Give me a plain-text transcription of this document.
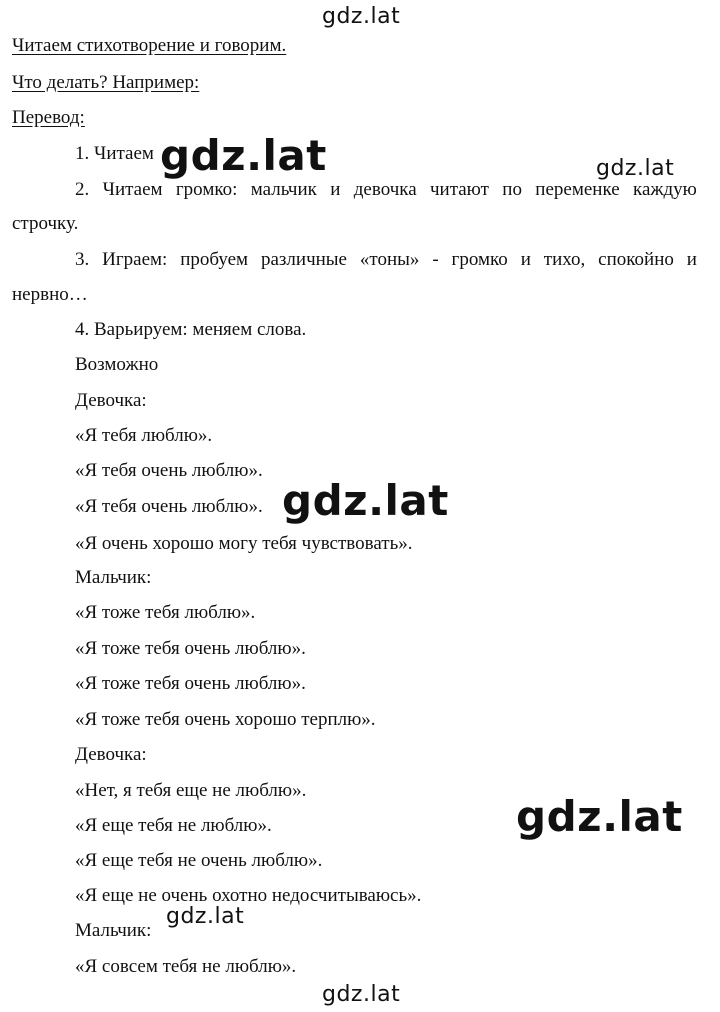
Читаем стихотворение и говорим.
Что делать? Например:
Перевод:
1. Читаем
2. Читаем громко: мальчик и девочка читают по переменке каждую
строчку.
3. Играем: пробуем различные «тоны» - громко и тихо, спокойно и
нервно…
4. Варьируем: меняем слова.
Возможно
Девочка:
«Я тебя люблю».
«Я тебя очень люблю».
«Я тебя очень люблю».
«Я очень хорошо могу тебя чувствовать».
Мальчик:
«Я тоже тебя люблю».
«Я тоже тебя очень люблю».
«Я тоже тебя очень люблю».
«Я тоже тебя очень хорошо терплю».
Девочка:
«Нет, я тебя еще не люблю».
«Я еще тебя не люблю».
«Я еще тебя не очень люблю».
«Я еще не очень охотно недосчитываюсь».
Мальчик:
«Я совсем тебя не люблю».
gdz.lat
gdz.lat	gdz.lat
gdz.lat
gdz.lat
gdz.lat
gdz.lat
